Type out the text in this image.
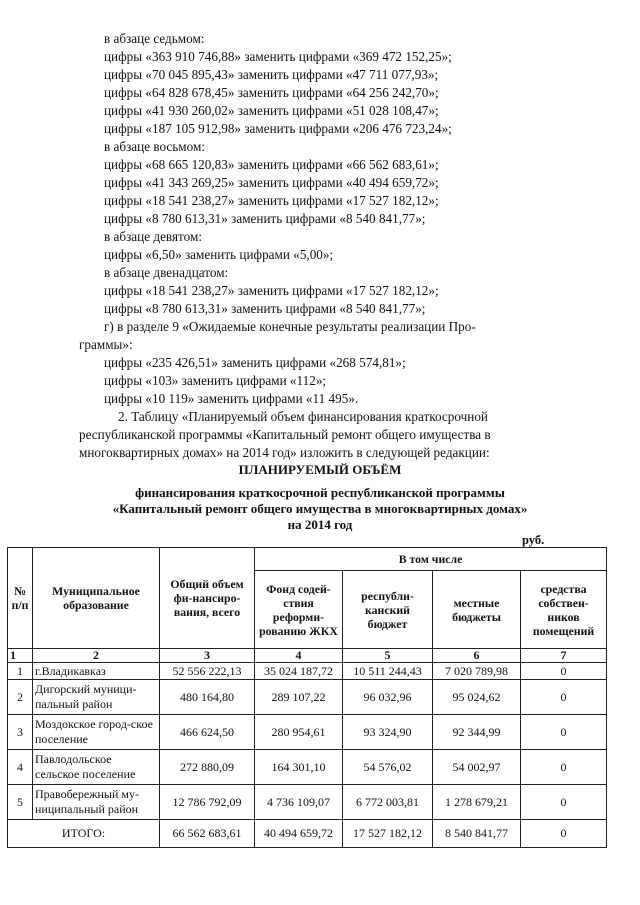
в абзаце седьмом:
цифры «363 910 746,88» заменить цифрами «369 472 152,25»;
цифры «70 045 895,43» заменить цифрами «47 711 077,93»;
цифры «64 828 678,45» заменить цифрами «64 256 242,70»;
цифры «41 930 260,02» заменить цифрами «51 028 108,47»;
цифры «187 105 912,98» заменить цифрами «206 476 723,24»;
в абзаце восьмом:
цифры «68 665 120,83» заменить цифрами «66 562 683,61»;
цифры «41 343 269,25» заменить цифрами «40 494 659,72»;
цифры «18 541 238,27» заменить цифрами «17 527 182,12»;
цифры «8 780 613,31» заменить цифрами «8 540 841,77»;
в абзаце девятом:
цифры «6,50» заменить цифрами «5,00»;
в абзаце двенадцатом:
цифры «18 541 238,27» заменить цифрами «17 527 182,12»;
цифры «8 780 613,31» заменить цифрами «8 540 841,77»;
г) в разделе 9 «Ожидаемые конечные результаты реализации Про-
граммы»:
цифры «235 426,51» заменить цифрами «268 574,81»;
цифры «103» заменить цифрами «112»;
цифры «10 119» заменить цифрами «11 495».
2. Таблицу «Планируемый объем финансирования краткосрочной
республиканской программы «Капитальный ремонт общего имущества в
многоквартирных домах» на 2014 год» изложить в следующей редакции:
ПЛАНИРУЕМЫЙ ОБЪЁМ
финансирования краткосрочной республиканской программы
«Капитальный ремонт общего имущества в многоквартирных домах»
на 2014 год
руб.
№ п/п	Муниципальное образование	Общий объем фи-нансиро-вания, всего	В том числе			
			Фонд содей-ствия реформи-рованию ЖКХ	республи-канский бюджет	местные бюджеты	средства собствен-ников помещений
1	2	3	4	5	6	7
1	г.Владикавказ	52 556 222,13	35 024 187,72	10 511 244,43	7 020 789,98	0
2	Дигорский муници-пальный район	480 164,80	289 107,22	96 032,96	95 024,62	0
3	Моздокское город-ское поселение	466 624,50	280 954,61	93 324,90	92 344,99	0
4	Павлодольское сельское поселение	272 880,09	164 301,10	54 576,02	54 002,97	0
5	Правобережный му-ниципальный район	12 786 792,09	4 736 109,07	6 772 003,81	1 278 679,21	0
ИТОГО:		66 562 683,61	40 494 659,72	17 527 182,12	8 540 841,77	0
